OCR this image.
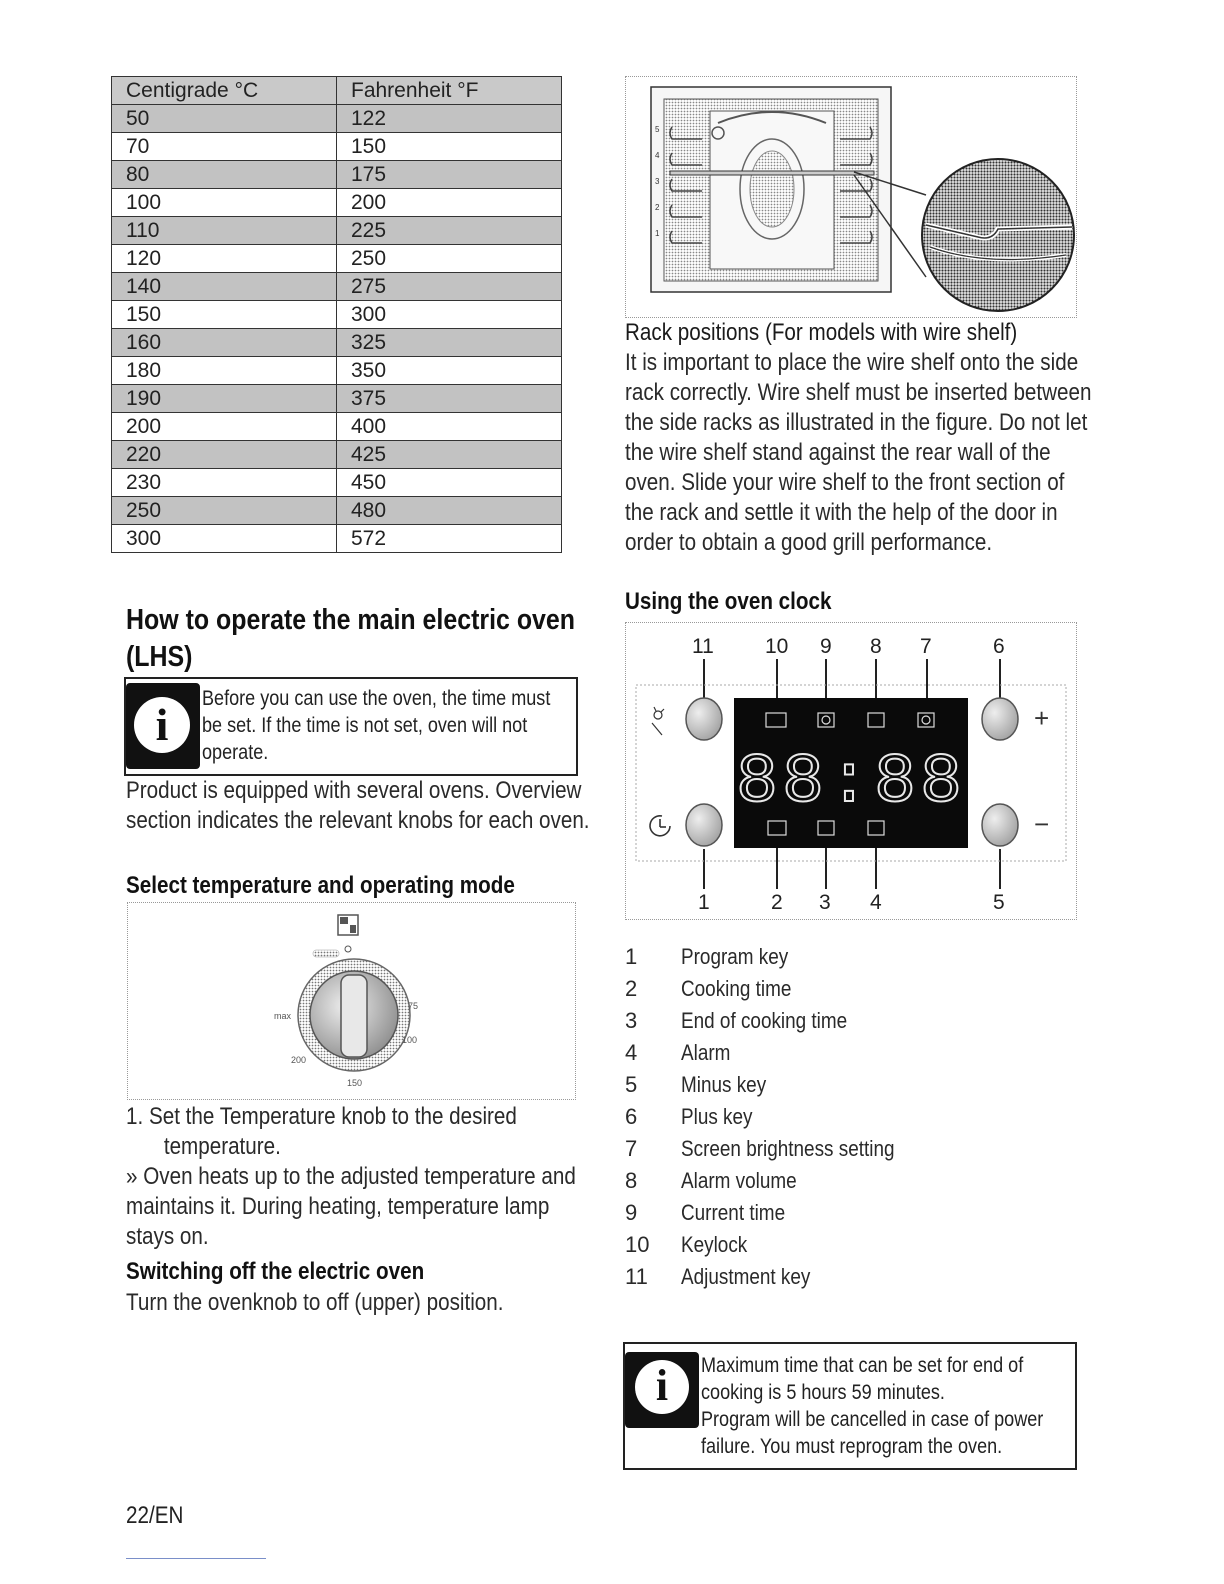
Centigrade °C	Fahrenheit °F
50	122
70	150
80	175
100	200
110	225
120	250
140	275
150	300
160	325
180	350
190	375
200	400
220	425
230	450
250	480
300	572
How to operate the main electric oven (LHS)
i
Before you can use the oven, the time must be set. If the time is not set, oven will not operate.

Product is equipped with several ovens. Overview section indicates the relevant knobs for each oven.

Select temperature and operating mode

max
75
100
150
200

1. Set the Temperature knob to the desired temperature.

» Oven heats up to the adjusted temperature and maintains it. During heating, temperature lamp stays on.

Switching off the electric oven

Turn the ovenknob to off (upper) position.

5
4
3
2
1

Rack positions (For models with wire shelf)

It is important to place the wire shelf onto the side rack correctly. Wire shelf must be inserted between the side racks as illustrated in the figure. Do not let the wire shelf stand against the rear wall of the oven. Slide your wire shelf to the front section of the rack and settle it with the help of the door in order to obtain a good grill performance.

Using the oven clock

11 10 9 8 7	6
1	2 3 4	5
88:88
+
−
1	Program key
2	Cooking time
3	End of cooking time
4	Alarm
5	Minus key
6	Plus key
7	Screen brightness setting
8	Alarm volume
9	Current time
10	Keylock
11	Adjustment key
i	Maximum time that can be set for end of cooking is 5 hours 59 minutes.
Program will be cancelled in case of power failure. You must reprogram the oven.
22/EN
